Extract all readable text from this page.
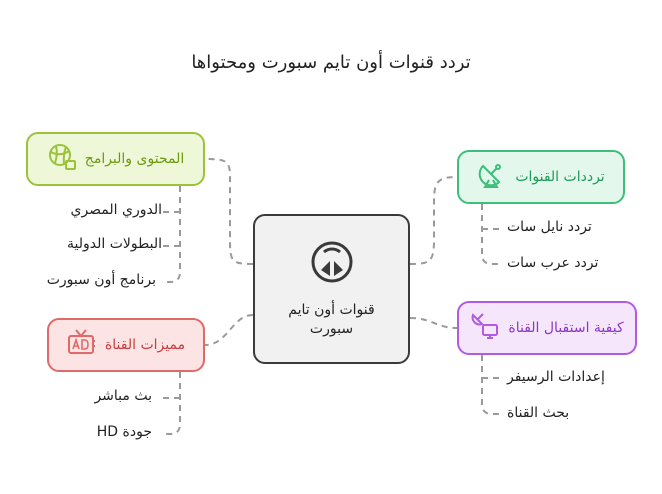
تردد قنوات أون تايم سبورت ومحتواها
قنوات أون تايم سبورت
المحتوى والبرامج
الدوري المصري
البطولات الدولية
برنامج أون سبورت
ترددات القنوات
تردد نايل سات
تردد عرب سات
كيفية استقبال القناة
إعدادات الرسيفر
بحث القناة
مميزات القناة
بث مباشر
جودة HD
